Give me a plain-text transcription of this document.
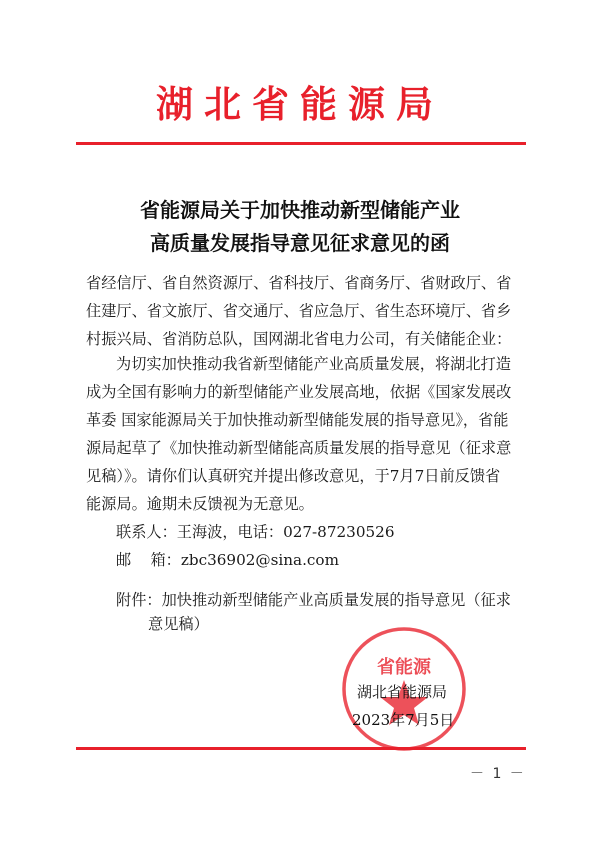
湖北省能源局
省能源局关于加快推动新型储能产业
高质量发展指导意见征求意见的函
省经信厅、省自然资源厅、省科技厅、省商务厅、省财政厅、省
住建厅、省文旅厅、省交通厅、省应急厅、省生态环境厅、省乡
村振兴局、省消防总队，国网湖北省电力公司，有关储能企业：
为切实加快推动我省新型储能产业高质量发展，将湖北打造
成为全国有影响力的新型储能产业发展高地，依据《国家发展改
革委 国家能源局关于加快推动新型储能发展的指导意见》，省能
源局起草了《加快推动新型储能高质量发展的指导意见（征求意
见稿）》。请你们认真研究并提出修改意见，于7月7日前反馈省
能源局。逾期未反馈视为无意见。
联系人：王海波，电话：027-87230526
邮    箱：zbc36902@sina.com
附件：加快推动新型储能产业高质量发展的指导意见（征求
意见稿）
省能源
湖北省能源局
2023年7月5日
－ 1 －
